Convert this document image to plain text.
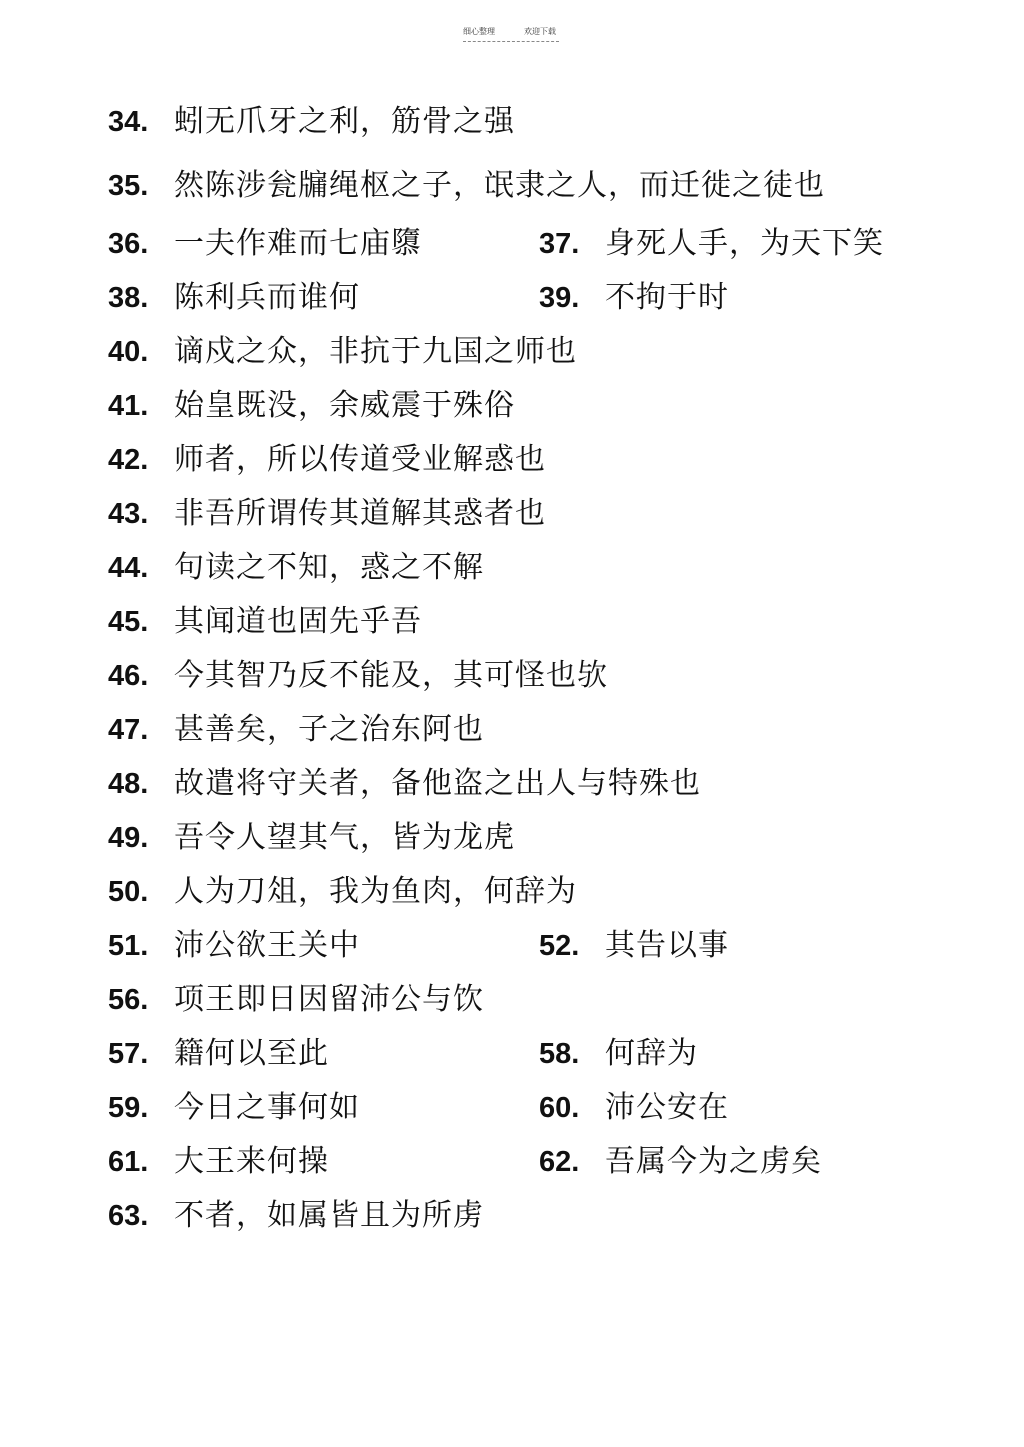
细心整理	欢迎下载
34. 蚓无爪牙之利，筋骨之强
35. 然陈涉瓮牖绳枢之子，氓隶之人，而迁徙之徒也
36. 一夫作难而七庙隳	37. 身死人手，为天下笑
38. 陈利兵而谁何	39. 不拘于时
40. 谪戍之众，非抗于九国之师也
41. 始皇既没，余威震于殊俗
42. 师者，所以传道受业解惑也
43. 非吾所谓传其道解其惑者也
44. 句读之不知，惑之不解
45. 其闻道也固先乎吾
46. 今其智乃反不能及，其可怪也欤
47. 甚善矣，子之治东阿也
48. 故遣将守关者，备他盗之出人与特殊也
49. 吾令人望其气，皆为龙虎
50. 人为刀俎，我为鱼肉，何辞为
51. 沛公欲王关中	52. 其告以事
56. 项王即日因留沛公与饮
57. 籍何以至此	58. 何辞为
59. 今日之事何如	60. 沛公安在
61. 大王来何操	62. 吾属今为之虏矣
63. 不者，如属皆且为所虏
